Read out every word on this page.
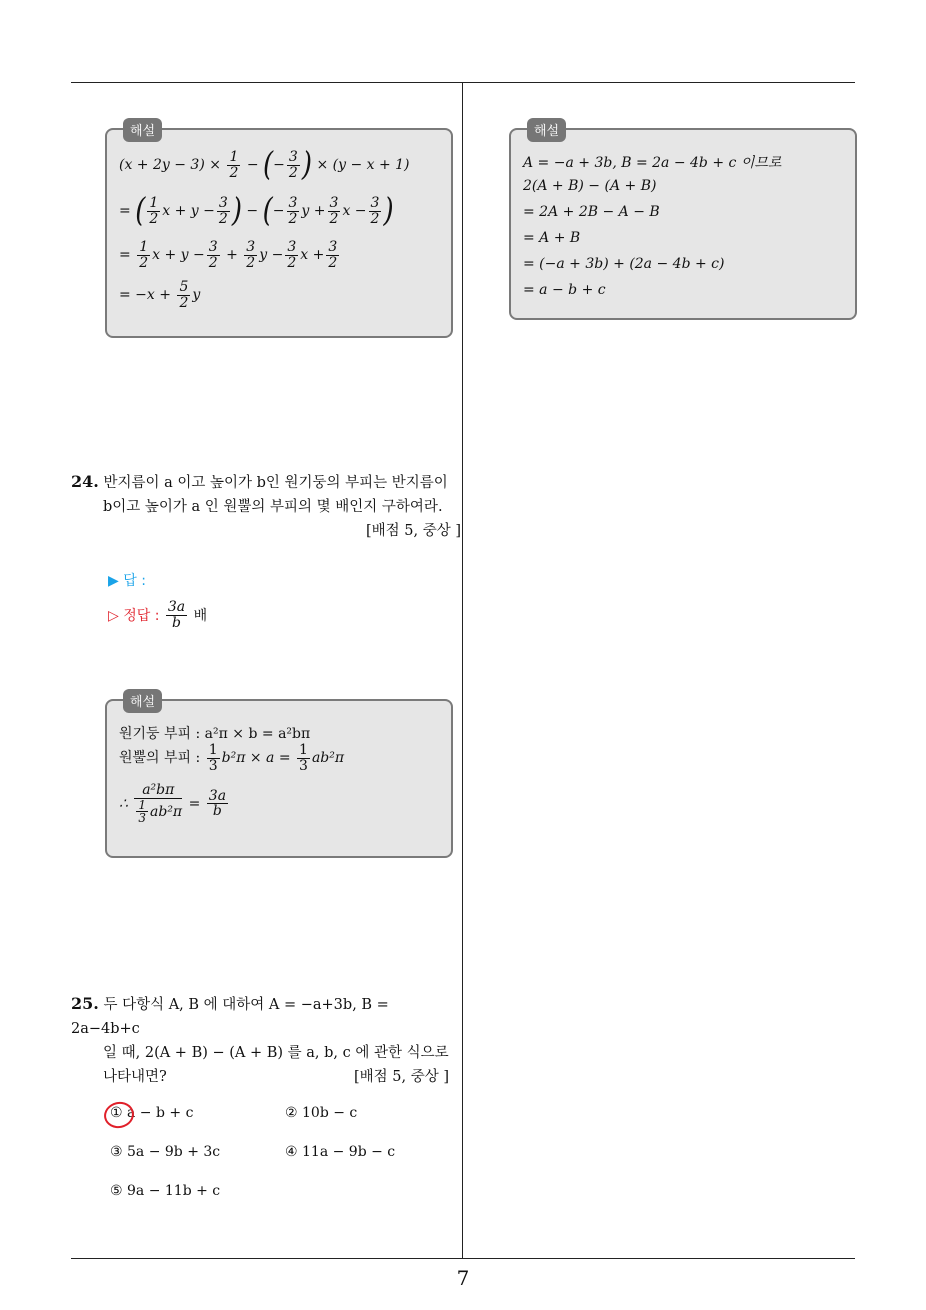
해설
$(x + 2y - 3) \times \frac{1}{2}$ − (− $\frac{3}{2}$ ) × (y − x + 1)
= ( $\frac{1}{2}$ $x + y - \frac{3}{2}$ ) − (− $\frac{3}{2}$ $y + \frac{3}{2}$ $x - \frac{3}{2}$ )
= $\frac{1}{2}$ $x + y - \frac{3}{2} + \frac{3}{2}$ $y - \frac{3}{2}$ $x + \frac{3}{2}$
= $-x + \frac{5}{2}$ y
해설
A = −a + 3b, B = 2a − 4b + c 이므로
2(A + B) − (A + B)
= 2A + 2B − A − B
= A + B
= (−a + 3b) + (2a − 4b + c)
= a − b + c
24. 반지름이 a 이고 높이가 b인 원기둥의 부피는 반지름이
b이고 높이가 a 인 원뿔의 부피의 몇 배인지 구하여라.
[배점 5, 중상 ]
▶ 답 :
▷ 정답 : $\frac{3a}{b}$ 배
해설
원기둥 부피 : a²π × b = a²bπ
원뿔의 부피 : $\frac{1}{3} b^2\pi \times a = \frac{1}{3} ab^2\pi$
∴ $\frac{\text{a²bπ}}{\frac{1}{3} ab^2\pi} = \frac{3a}{b}$
25. 두 다항식 A, B 에 대하여 A = −a+3b, B = 2a−4b+c
일 때, 2(A + B) − (A + B) 를 a, b, c 에 관한 식으로
나타내면?	[배점 5, 중상 ]
① a − b + c	② 10b − c
③ 5a − 9b + 3c	④ 11a − 9b − c
⑤ 9a − 11b + c
7
